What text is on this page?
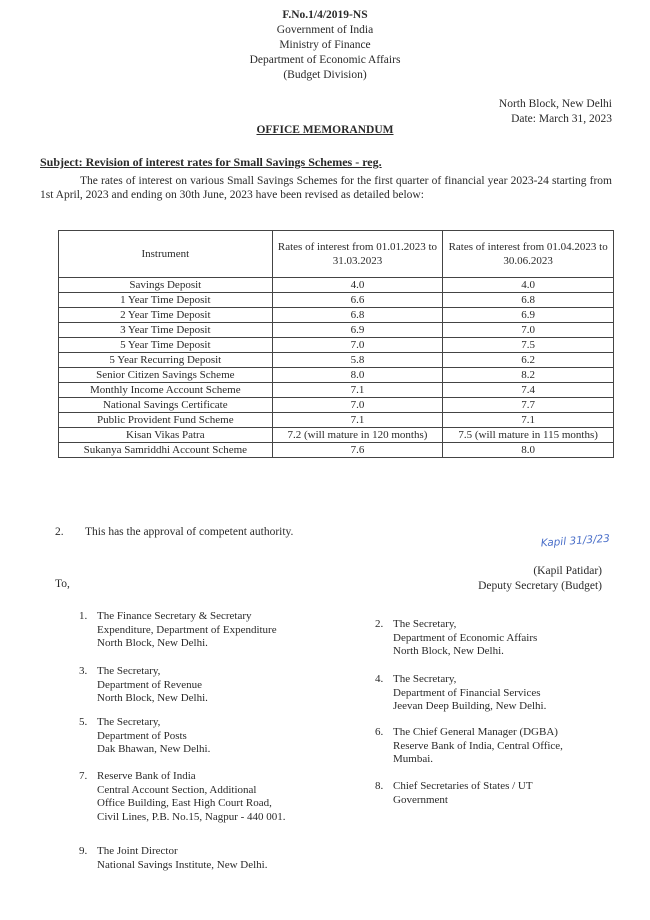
F.No.1/4/2019-NS
Government of India
Ministry of Finance
Department of Economic Affairs
(Budget Division)
North Block, New Delhi
Date: March 31, 2023
OFFICE MEMORANDUM
Subject: Revision of interest rates for Small Savings Schemes - reg.
The rates of interest on various Small Savings Schemes for the first quarter of financial year 2023-24 starting from 1st April, 2023 and ending on 30th June, 2023 have been revised as detailed below:
Instrument	Rates of interest from 01.01.2023 to 31.03.2023	Rates of interest from 01.04.2023 to 30.06.2023
Savings Deposit	4.0	4.0
1 Year Time Deposit	6.6	6.8
2 Year Time Deposit	6.8	6.9
3 Year Time Deposit	6.9	7.0
5 Year Time Deposit	7.0	7.5
5 Year Recurring Deposit	5.8	6.2
Senior Citizen Savings Scheme	8.0	8.2
Monthly Income Account Scheme	7.1	7.4
National Savings Certificate	7.0	7.7
Public Provident Fund Scheme	7.1	7.1
Kisan Vikas Patra	7.2 (will mature in 120 months)	7.5 (will mature in 115 months)
Sukanya Samriddhi Account Scheme	7.6	8.0
2. This has the approval of competent authority.
Kapil 31/3/23
(Kapil Patidar)
Deputy Secretary (Budget)
To,
1. The Finance Secretary & Secretary
Expenditure, Department of Expenditure
North Block, New Delhi.
2. The Secretary,
Department of Economic Affairs
North Block, New Delhi.
3. The Secretary,
Department of Revenue
North Block, New Delhi.
4. The Secretary,
Department of Financial Services
Jeevan Deep Building, New Delhi.
5. The Secretary,
Department of Posts
Dak Bhawan, New Delhi.
6. The Chief General Manager (DGBA)
Reserve Bank of India, Central Office,
Mumbai.
7. Reserve Bank of India
Central Account Section, Additional
Office Building, East High Court Road,
Civil Lines, P.B. No.15, Nagpur - 440 001.
8. Chief Secretaries of States / UT
Government
9. The Joint Director
National Savings Institute, New Delhi.
